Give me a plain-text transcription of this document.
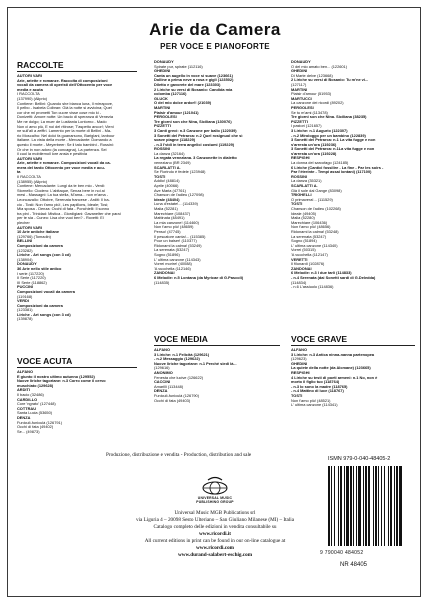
Arie da Camera
PER VOCE E PIANOFORTE
RACCOLTE
AUTORI VARI
Arie, ariette e romanze. Raccolta di composizioni
vocali da camera di operisti dell'Ottocento per voce
media e acuta
I RACCOLTA
(137990) (Aliprio)
Contiene: Bellini: Quando she bianca luna, Il mirrapove,
Il pelbo - Isabela Colbran: Già la notte si avvicina; Quel
cor che mi prometti Ton cuore visse cose mio ki -
Donizetti: Amore notte: Un bacio di speranza di Venezia
Me ne dolgo; La muer de Lusitania Lontorno - Mado
Non ci amo più, E noi del ritirose; T'aspetto ancor!; Vieni
ne sull'ali a zeffiri. Lamento per la morte di Bellini - Ma-
rio Moscalho: Nel dolci fa guanarsono, Bariglani, lanbour
italiane. La vista della morte - Mercadante: Domando a
questo il morte - Meyerbeer: Se il tato bambini - Rossini:
Or che in non adoro (la concagna), La partenza. Sei
il cuol la mobilemoll lore ansia e pesitivia
AUTORI VARI
Arie, ariette e romanze. Composizioni vocali da ca-
mera del tardo Ottocento per voce media e acu-
ta
II RACCOLTA
(138955) (Aliprio)
Contiene: Mercadante: Lungi da te ben mio - Verdi:
Stornello: Ciodero: L'abitaque, Senza bere in noi ai
mesi - Massagni: La tua stella, M'ama... non m'ama -
Leoncavallo: Ottobre, Serenata francese - Arditi: Il ba-
cio - Tosti: Non t'amo più!, Les papillons, Ideale; Tosi;
Mia sposa - Denza: Occhi di fata - Ponchielli: Il sonno
tra pini - Trinidad: Mistica - Giordigiani: Gavanelter che parai
per te sia - Cuneo: Lisa che vuoi ben? - Rovetti: El
plecher
AUTORI VARI
10 Arie antiche italiane
(129766) (Tomadin)
BELLINI
Composizioni da camera
(123282)
Liriche - Art songs (con 3 cd)
(138904)
DONAUDY
36 Arie nello stile antico
I serie (117220)
II Serie (117220)
III Serie (118862)
PUCCINI
Composizioni vocali da camera
(119168)
VERDI
Composizioni da camera
(123381)
Liriche - Art songs (con 3 cd)
(139878)
VOCE ACUTA
ALFANO
E giunto il nostro ultimo autunno (129552)
Nuove liriche tagoriane: n.3 Corro come il cervo
muschiato (129628)
ARDITI
Il bacio (32486)
CARDILLO
Core 'ngrato' (127448)
COTTRAU
Santa Lucia (53650)
DENZA
Funiculì-funiculà (126791)
Occhi di fata (49402)
Se... (49873)
DONAUDY
Spirate pur, spirate (112116)
GHEDINI
Canta un augello in voce sì suave (123661)
Dolline a prima neve a rosa e gigli (123502)
Diletto e gavorete del mare (123303)
2 Liriche su versi di Bosanio: Candida mia
colomba (127116)
GLUCK
O del mio dolce ardor!! (21039)
MARTINI
Piaisir d'amour (121041)
PERGOLESI
Tre giorni son che Nina, Siciliana (130076)
PIZZETTI
3 Canti greci: n.3 Canzone per ballo (122039)
3 Sonetti del Petrarca: n.2 Quel rosignuol che sì
soave piagne (118229)
- n.3 I'vidi in terra angelici costumi (119229)
ROSSINI
La danza (32164)
La regata veneziana. 3 Canzonette in dialetto
veneziano (BR 2349)
SCARLATTI A.
Se Florindo è fedele (123948)
TOSTI
Addio! (48814)
Aprile (40066)
Ave Maria (47761)
Chanson de l'adieu (127098)
Ideale (48404)
Luna d'estate!... (114339)
Malia (52281)
Marechiare (108437)
Mattinata (48491)
La mia canzone! (114460)
Non t'amo più! (48659)
Penso! (47745)
Il pescatore canta!... (115385)
Pour un baiser! (110377)
Ridonami la calma! (53249)
La serenata (53247)
Sogno (51896)
L' ultima canzone (114343)
Vorrei morire! (40088)
'A vucchella (112146)
ZANDONAI
6 Melodie: n.5 Lontana (da Myricae di G.Pascoli)
(114835)
VOCE MEDIA
ALFANO
3 Liriche: n.1 Felicità (129621)
- n.2 Messaggio (129622)
Nuove liriche tagoriane: n.1 Perché siedi là...
(129616)
ANONIMO
Fenesta che lucive (126622)
CACCINI
Amarilli (113448)
DENZA
Funiculì-funiculà (126790)
Occhi di fata (49403)
DONAUDY
O del mio amato ben... (122601)
GHEDINI
Di Marte delve (123668)
2 Liriche su versi di Bosanio: Tu m'ne vi...
(127117)
MARTINI
Piaisir d'amour (51953)
MARTUCCI
La canzone dei ricordi (89202)
PERGOLESI
Se tu m'ami (113478)
Tre giorni son che Nina. Siciliana (38235)
PIZZETTI
I pastori (121657)
3 Liriche: n.1 Augurio (122307)
- n.2 Mirologgo per un bambino (122839)
3 Sonetti del Petrarca: n.1 La vita fugge e non
s'arresta un'ora (119236)
3 Sonetti del Petrarca: n.1La vita fugge e non
s'arresta un'ora (119228)
RESPIGHI
La donna del sarcofago (124185)
6 Liriche (Cantici fossilire - La fine - Par les soirs -
Par l'étreinte - Tempi assai lontani) (117100)
ROSSINI
La danza (35321)
SCARLATTI A.
Già il sole dal Gange (83098)
TRIGHELLI
O primavera!... (111529)
TOSTI
Chanson de l'adieu (102268)
Ideale (49405)
Malia (52280)
Marechiare (106436)
Non t'amo più! (48656)
Ridonami la calma! (53248)
La serenata (53247)
Sogno (51894)
L' ultima canzone (114340)
Vorrei (50315)
'A vucchella (112147)
VERETTI
Il filunardi (102876)
ZANDONAI
6 Melodie: n.3 I due tarli (114833)
- n.4 Serenata (dai Sonetti sardi di G.Deledda)
(114834)
- n.6 L'assiuolo (114836)
VOCE GRAVE
ALFANO
3 Liriche: n.3 Antica ninna-nanna partenopea
(129623)
GHEDINI
La quiete della notte (da Alcmane) (123665)
RESPIGHI
4 Liriche su testi di poeti armeni: n.1 No, non è
morto il figlio tuo (118764)
- n.3 Io sono la madre (118765)
- n.4 Mattino di luce (118767)
TOSTI
Non t'amo più! (48521)
L' ultima canzone (114341)
Produzione, distribuzione e vendita - Production, distribution and sale
UNIVERSAL MUSIC PUBLISHING GROUP
Universal Music MGB Publications srl
via Liguria 4 – 20098 Sesto Ulteriano – San Giuliano Milanese (MI) – Italia
Catalogo completo delle edizioni in vendita consultabile su
www.ricordi.it
All current editions in print can be found in our on-line catalogue at
www.ricordi.com
www.durand-salabert-eschig.com
ISMN 979-0-040-48405-2
9 790040 484052
NR 48405
